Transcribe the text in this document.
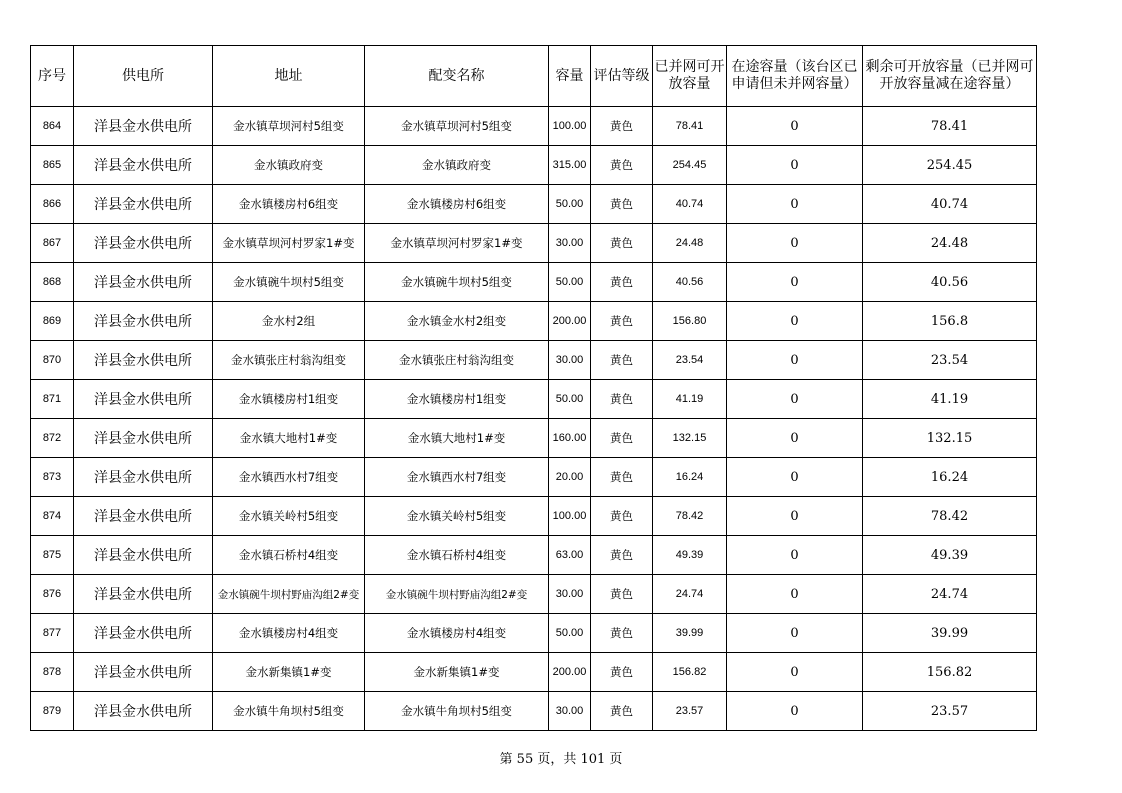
序号	供电所	地址	配变名称	容量	评估等级	已并网可开放容量	在途容量（该台区已申请但未并网容量）	剩余可开放容量（已并网可开放容量减在途容量）
864	洋县金水供电所	金水镇草坝河村5组变	金水镇草坝河村5组变	100.00	黄色	78.41	0	78.41
865	洋县金水供电所	金水镇政府变	金水镇政府变	315.00	黄色	254.45	0	254.45
866	洋县金水供电所	金水镇楼房村6组变	金水镇楼房村6组变	50.00	黄色	40.74	0	40.74
867	洋县金水供电所	金水镇草坝河村罗家1#变	金水镇草坝河村罗家1#变	30.00	黄色	24.48	0	24.48
868	洋县金水供电所	金水镇碗牛坝村5组变	金水镇碗牛坝村5组变	50.00	黄色	40.56	0	40.56
869	洋县金水供电所	金水村2组	金水镇金水村2组变	200.00	黄色	156.80	0	156.8
870	洋县金水供电所	金水镇张庄村翁沟组变	金水镇张庄村翁沟组变	30.00	黄色	23.54	0	23.54
871	洋县金水供电所	金水镇楼房村1组变	金水镇楼房村1组变	50.00	黄色	41.19	0	41.19
872	洋县金水供电所	金水镇大地村1#变	金水镇大地村1#变	160.00	黄色	132.15	0	132.15
873	洋县金水供电所	金水镇西水村7组变	金水镇西水村7组变	20.00	黄色	16.24	0	16.24
874	洋县金水供电所	金水镇关岭村5组变	金水镇关岭村5组变	100.00	黄色	78.42	0	78.42
875	洋县金水供电所	金水镇石桥村4组变	金水镇石桥村4组变	63.00	黄色	49.39	0	49.39
876	洋县金水供电所	金水镇碗牛坝村野庙沟组2#变	金水镇碗牛坝村野庙沟组2#变	30.00	黄色	24.74	0	24.74
877	洋县金水供电所	金水镇楼房村4组变	金水镇楼房村4组变	50.00	黄色	39.99	0	39.99
878	洋县金水供电所	金水新集镇1#变	金水新集镇1#变	200.00	黄色	156.82	0	156.82
879	洋县金水供电所	金水镇牛角坝村5组变	金水镇牛角坝村5组变	30.00	黄色	23.57	0	23.57
第 55 页，共 101 页
